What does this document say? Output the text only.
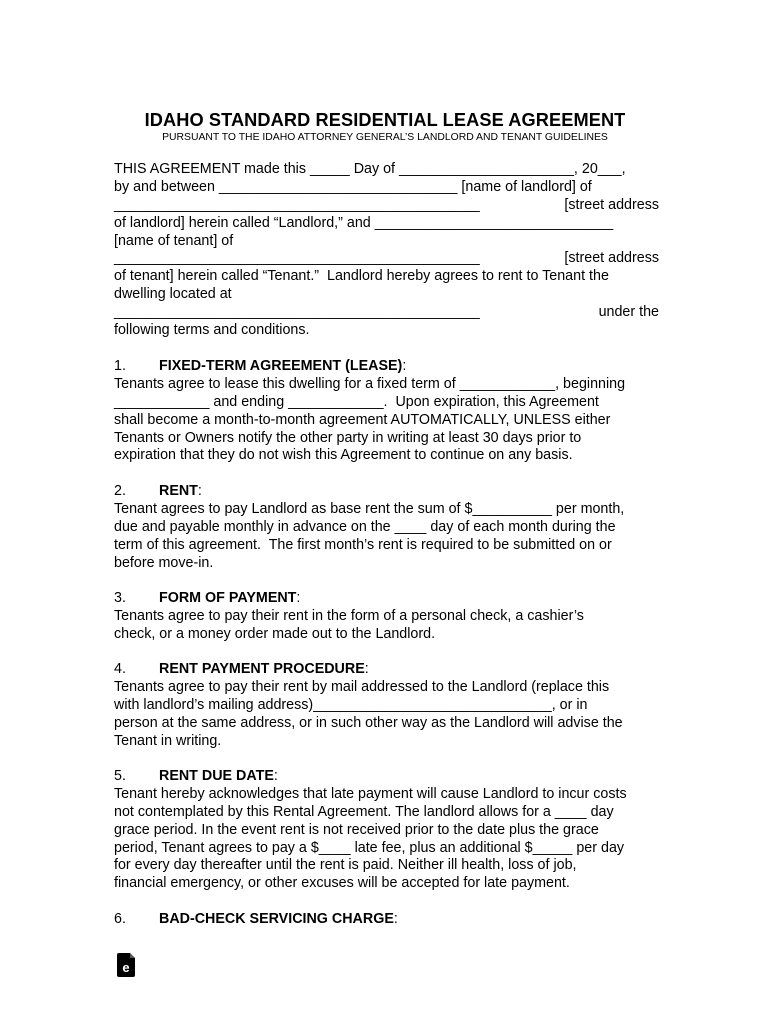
IDAHO STANDARD RESIDENTIAL LEASE AGREEMENT
PURSUANT TO THE IDAHO ATTORNEY GENERAL’S LANDLORD AND TENANT GUIDELINES
THIS AGREEMENT made this _____ Day of ______________________, 20___,
by and between ______________________________ [name of landlord] of
______________________________________________	[street address
of landlord] herein called “Landlord,” and ______________________________
[name of tenant] of
______________________________________________	[street address
of tenant] herein called “Tenant.”  Landlord hereby agrees to rent to Tenant the
dwelling located at
______________________________________________	under the
following terms and conditions.
1. FIXED-TERM AGREEMENT (LEASE):
Tenants agree to lease this dwelling for a fixed term of ____________, beginning
____________ and ending ____________.  Upon expiration, this Agreement
shall become a month-to-month agreement AUTOMATICALLY, UNLESS either
Tenants or Owners notify the other party in writing at least 30 days prior to
expiration that they do not wish this Agreement to continue on any basis.
2. RENT:
Tenant agrees to pay Landlord as base rent the sum of $__________ per month,
due and payable monthly in advance on the ____ day of each month during the
term of this agreement.  The first month’s rent is required to be submitted on or
before move-in.
3. FORM OF PAYMENT:
Tenants agree to pay their rent in the form of a personal check, a cashier’s
check, or a money order made out to the Landlord.
4. RENT PAYMENT PROCEDURE:
Tenants agree to pay their rent by mail addressed to the Landlord (replace this
with landlord’s mailing address)______________________________, or in
person at the same address, or in such other way as the Landlord will advise the
Tenant in writing.
5. RENT DUE DATE:
Tenant hereby acknowledges that late payment will cause Landlord to incur costs
not contemplated by this Rental Agreement. The landlord allows for a ____ day
grace period. In the event rent is not received prior to the date plus the grace
period, Tenant agrees to pay a $____ late fee, plus an additional $_____ per day
for every day thereafter until the rent is paid. Neither ill health, loss of job,
financial emergency, or other excuses will be accepted for late payment.
6. BAD-CHECK SERVICING CHARGE:
e
